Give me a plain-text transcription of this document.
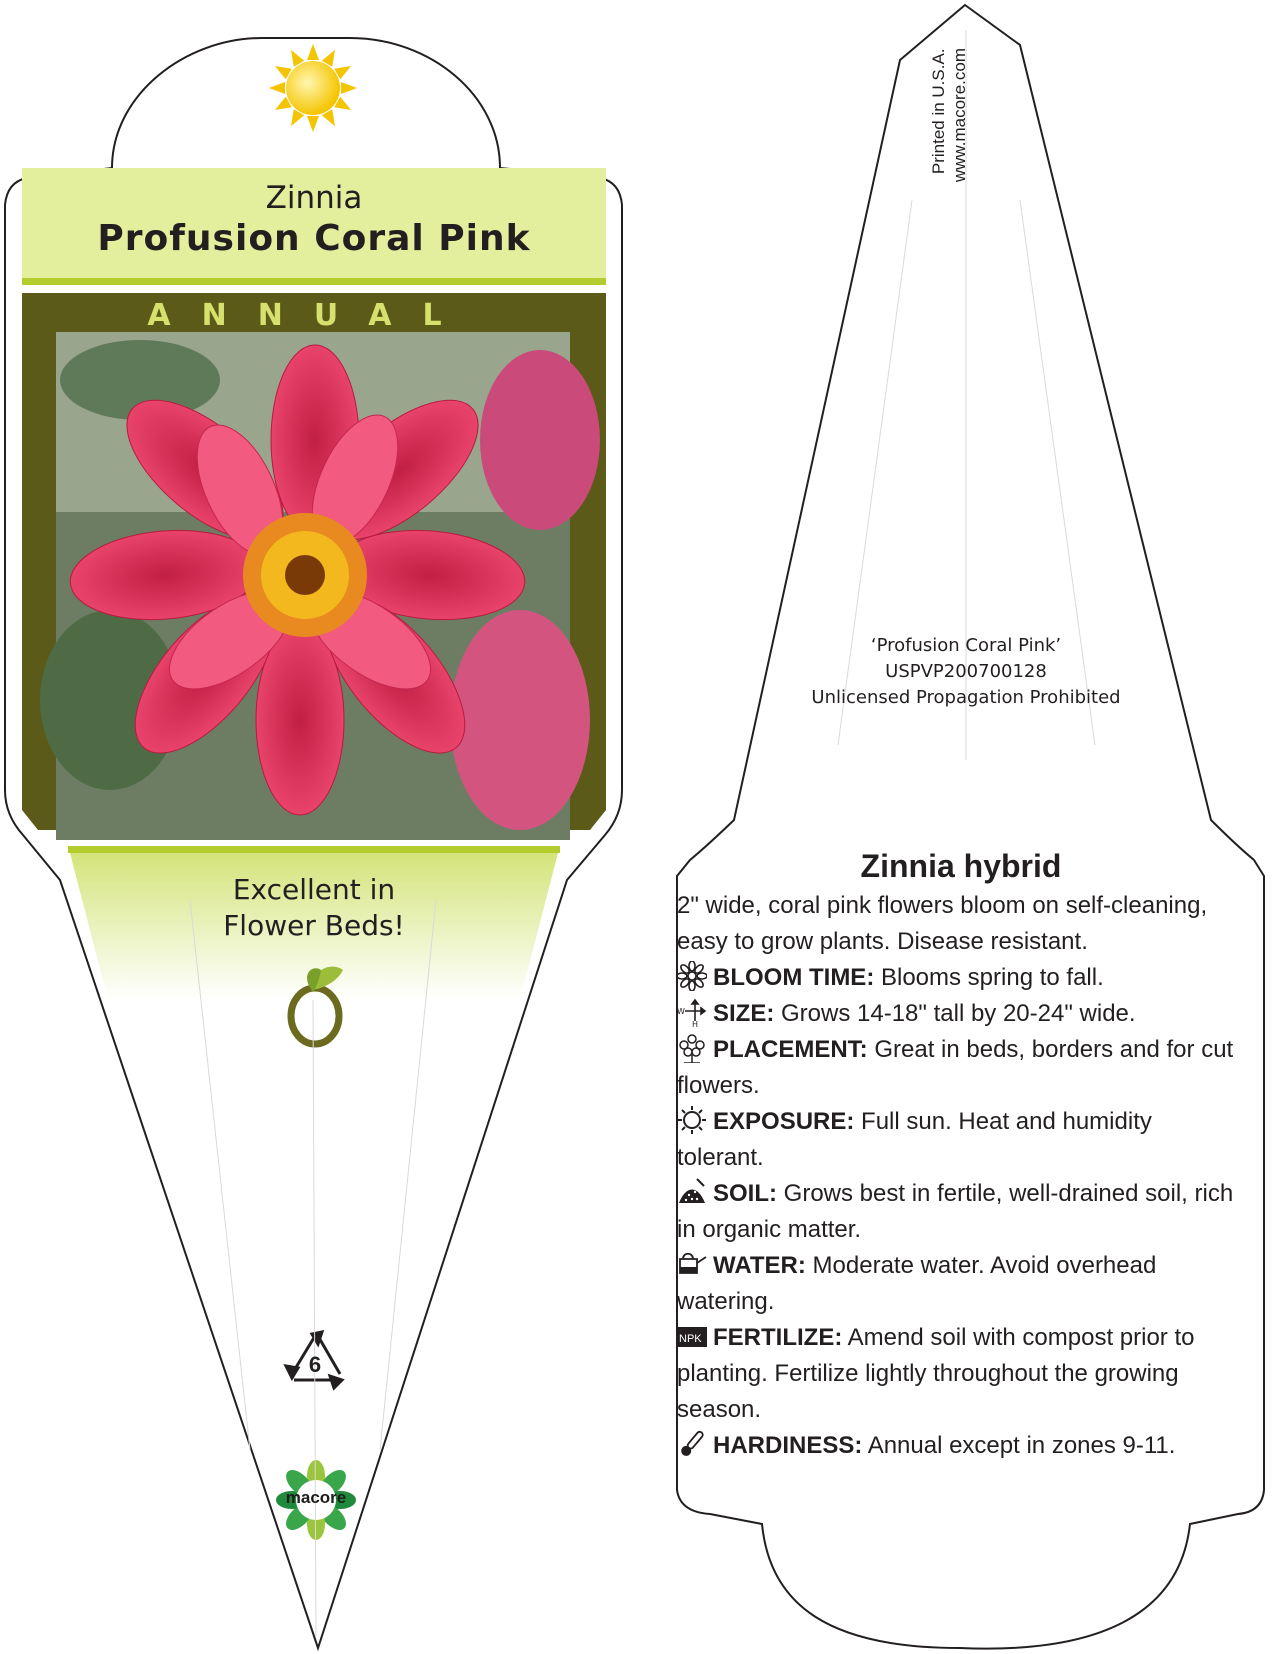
Zinnia
Profusion Coral Pink
ANNUAL
Excellent in
Flower Beds!
6
macore
Printed in U.S.A. www.macore.com
‘Profusion Coral Pink’
USPVP200700128
Unlicensed Propagation Prohibited
Zinnia hybrid

2" wide, coral pink flowers bloom on self-cleaning, easy to grow plants. Disease resistant.

BLOOM TIME: Blooms spring to fall.

W
H SIZE: Grows 14-18" tall by 20-24" wide.

PLACEMENT: Great in beds, borders and for cut flowers.

EXPOSURE: Full sun. Heat and humidity tolerant.

SOIL: Grows best in fertile, well-drained soil, rich in organic matter.

WATER: Moderate water. Avoid overhead watering.

NPK FERTILIZE: Amend soil with compost prior to planting. Fertilize lightly throughout the growing season.

HARDINESS: Annual except in zones 9-11.
